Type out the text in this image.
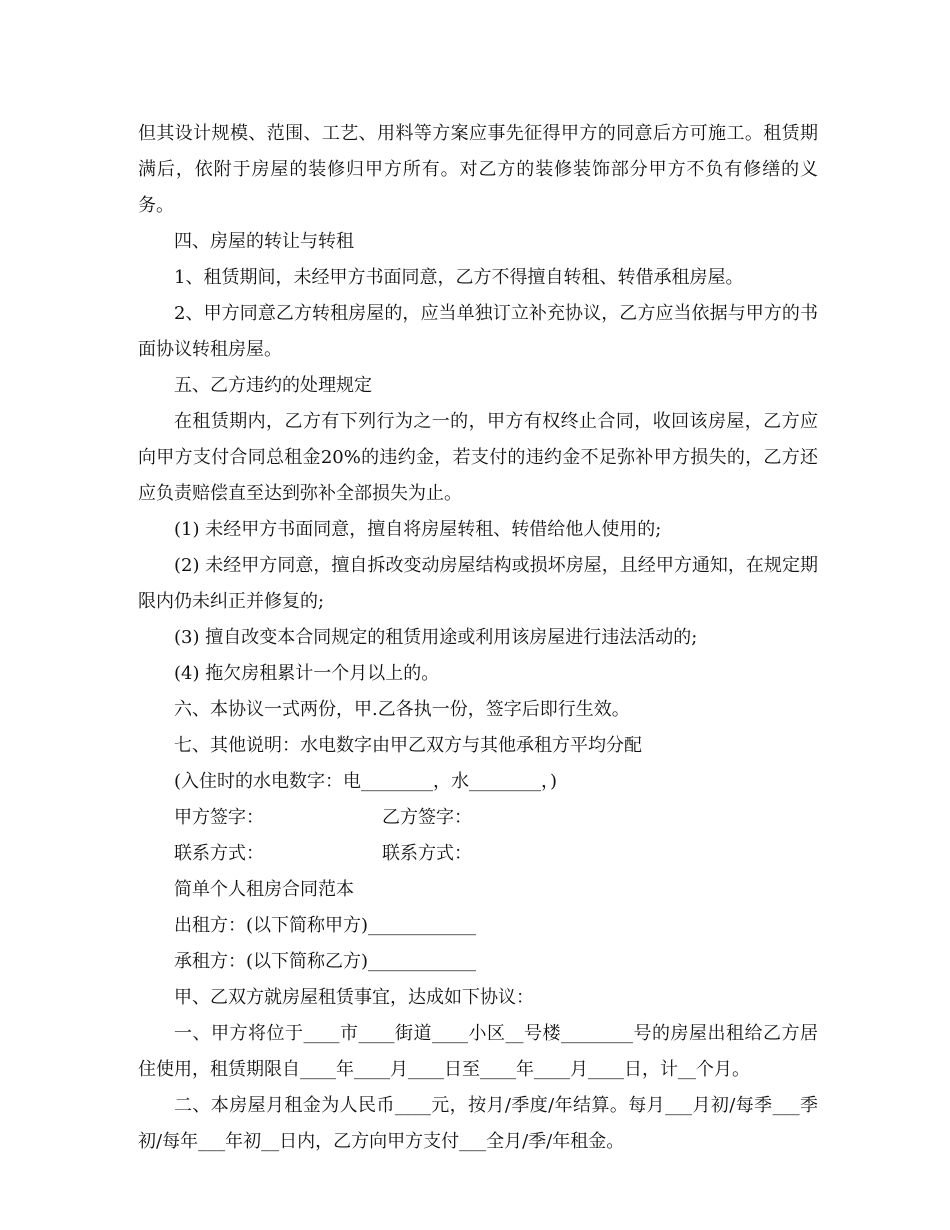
但其设计规模、范围、工艺、用料等方案应事先征得甲方的同意后方可施工。租赁期满后，依附于房屋的装修归甲方所有。对乙方的装修装饰部分甲方不负有修缮的义务。
四、房屋的转让与转租
1、租赁期间，未经甲方书面同意，乙方不得擅自转租、转借承租房屋。
2、甲方同意乙方转租房屋的，应当单独订立补充协议，乙方应当依据与甲方的书面协议转租房屋。
五、乙方违约的处理规定
在租赁期内，乙方有下列行为之一的，甲方有权终止合同，收回该房屋，乙方应向甲方支付合同总租金20%的违约金，若支付的违约金不足弥补甲方损失的，乙方还应负责赔偿直至达到弥补全部损失为止。
(1) 未经甲方书面同意，擅自将房屋转租、转借给他人使用的;
(2) 未经甲方同意，擅自拆改变动房屋结构或损坏房屋，且经甲方通知，在规定期限内仍未纠正并修复的;
(3) 擅自改变本合同规定的租赁用途或利用该房屋进行违法活动的;
(4) 拖欠房租累计一个月以上的。
六、本协议一式两份，甲.乙各执一份，签字后即行生效。
七、其他说明：水电数字由甲乙双方与其他承租方平均分配
(入住时的水电数字：电________，水________，)
甲方签字：	乙方签字：
联系方式：	联系方式：
简单个人租房合同范本
出租方：(以下简称甲方)____________
承租方：(以下简称乙方)____________
甲、乙双方就房屋租赁事宜，达成如下协议：
一、甲方将位于____市____街道____小区__号楼________号的房屋出租给乙方居住使用，租赁期限自____年____月____日至____年____月____日，计__个月。
二、本房屋月租金为人民币____元，按月/季度/年结算。每月___月初/每季___季初/每年___年初__日内，乙方向甲方支付___全月/季/年租金。
